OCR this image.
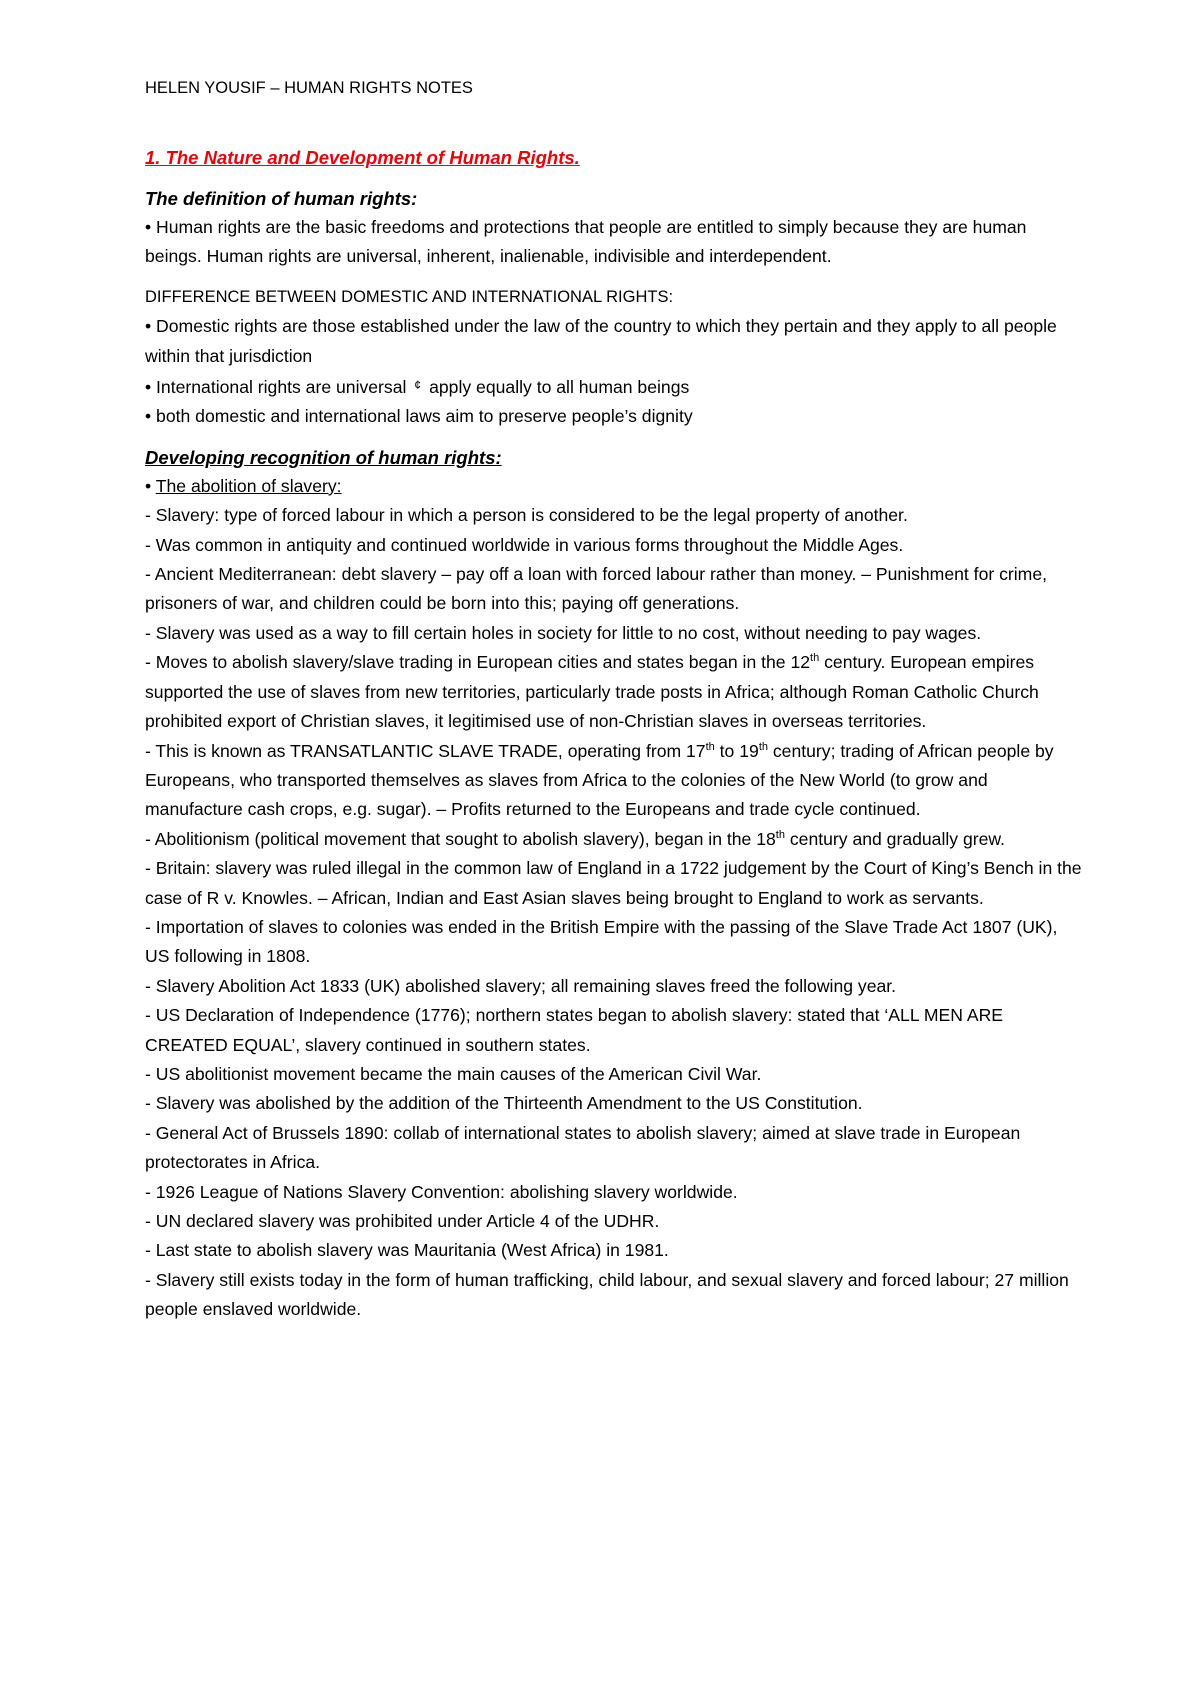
HELEN YOUSIF – HUMAN RIGHTS NOTES

1. The Nature and Development of Human Rights.

The definition of human rights:

• Human rights are the basic freedoms and protections that people are entitled to simply because they are human beings. Human rights are universal, inherent, inalienable, indivisible and interdependent.

DIFFERENCE BETWEEN DOMESTIC AND INTERNATIONAL RIGHTS:

• Domestic rights are those established under the law of the country to which they pertain and they apply to all people within that jurisdiction

• International rights are universal ¢ apply equally to all human beings

• both domestic and international laws aim to preserve people’s dignity

Developing recognition of human rights:

• The abolition of slavery:

- Slavery: type of forced labour in which a person is considered to be the legal property of another.

- Was common in antiquity and continued worldwide in various forms throughout the Middle Ages.

- Ancient Mediterranean: debt slavery – pay off a loan with forced labour rather than money. – Punishment for crime, prisoners of war, and children could be born into this; paying off generations.

- Slavery was used as a way to fill certain holes in society for little to no cost, without needing to pay wages.

- Moves to abolish slavery/slave trading in European cities and states began in the 12th century. European empires supported the use of slaves from new territories, particularly trade posts in Africa; although Roman Catholic Church prohibited export of Christian slaves, it legitimised use of non-Christian slaves in overseas territories.

- This is known as TRANSATLANTIC SLAVE TRADE, operating from 17th to 19th century; trading of African people by Europeans, who transported themselves as slaves from Africa to the colonies of the New World (to grow and manufacture cash crops, e.g. sugar). – Profits returned to the Europeans and trade cycle continued.

- Abolitionism (political movement that sought to abolish slavery), began in the 18th century and gradually grew.

- Britain: slavery was ruled illegal in the common law of England in a 1722 judgement by the Court of King’s Bench in the case of R v. Knowles. – African, Indian and East Asian slaves being brought to England to work as servants.

- Importation of slaves to colonies was ended in the British Empire with the passing of the Slave Trade Act 1807 (UK), US following in 1808.

- Slavery Abolition Act 1833 (UK) abolished slavery; all remaining slaves freed the following year.

- US Declaration of Independence (1776); northern states began to abolish slavery: stated that ‘ALL MEN ARE CREATED EQUAL’, slavery continued in southern states.

- US abolitionist movement became the main causes of the American Civil War.

- Slavery was abolished by the addition of the Thirteenth Amendment to the US Constitution.

- General Act of Brussels 1890: collab of international states to abolish slavery; aimed at slave trade in European protectorates in Africa.

- 1926 League of Nations Slavery Convention: abolishing slavery worldwide.

- UN declared slavery was prohibited under Article 4 of the UDHR.

- Last state to abolish slavery was Mauritania (West Africa) in 1981.

- Slavery still exists today in the form of human trafficking, child labour, and sexual slavery and forced labour; 27 million people enslaved worldwide.
